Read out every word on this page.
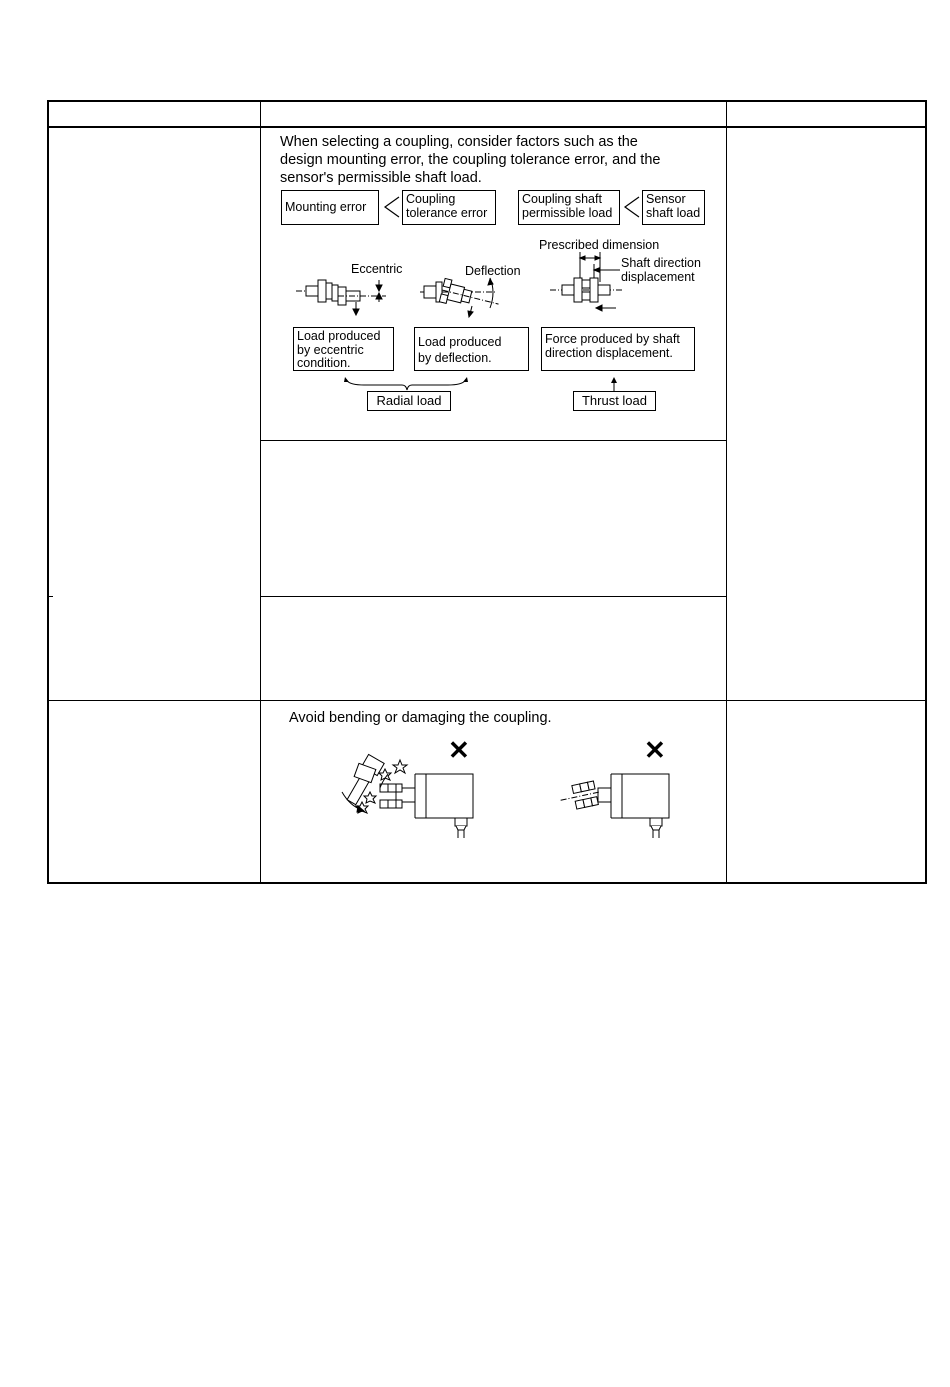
When selecting a coupling, consider factors such as the
design mounting error, the coupling tolerance error, and the
sensor's permissible shaft load.
Mounting error
Coupling
tolerance error
Coupling shaft
permissible load
Sensor
shaft load
Eccentric	Deflection
Prescribed dimension
Shaft direction
displacement
Load produced
by eccentric
condition.
Load produced
by deflection.
Force produced by shaft
direction displacement.
Radial load	Thrust load
Avoid bending or damaging the coupling.
✕	✕
